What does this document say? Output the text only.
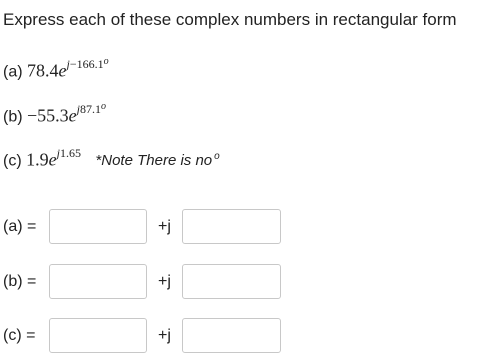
Express each of these complex numbers in rectangular form
(a) $78.4e^{j-166.1^o}$
$(b) -55.3e^{j87.1^o}$
(c) $1.9e^{j1.65}$ *Note There is no $^o$
(a) =	+j
(b) =	+j
(c) =	+j
